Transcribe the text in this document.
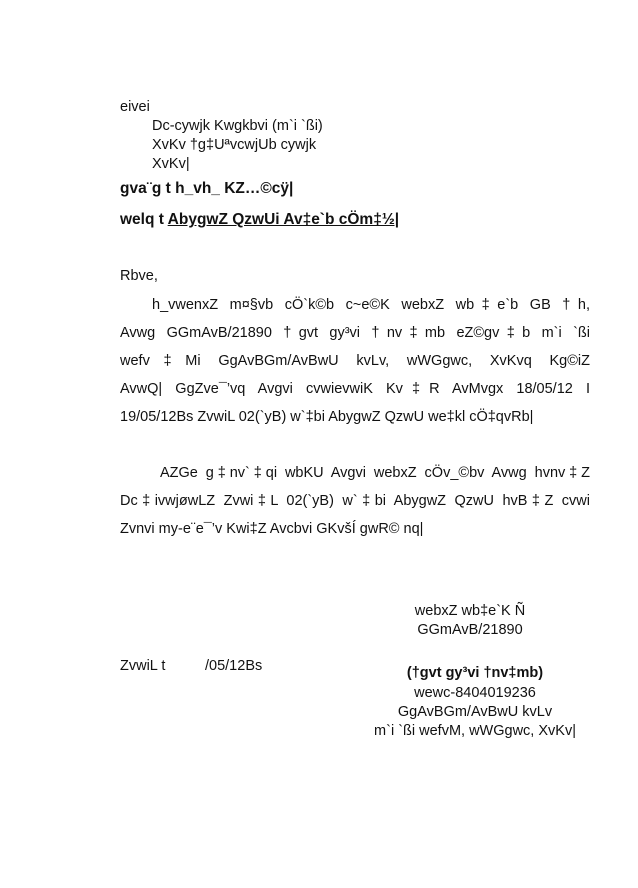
eivei
Dc-cywjk Kwgkbvi (m`i `ßi)
XvKv †g‡UªvcwjUb cywjk
XvKv|
gva¨g t h_vh_ KZ…©cÿ|
welq t AbygwZ QzwUi Av‡e`b cÖm‡½|
Rbve,
h_vwenxZ m¤§vb cÖ`k©b c~e©K webxZ wb‡e`b GB †h,
Avwg GGmAvB/21890 †gvt gy³vi †nv‡mb eZ©gv‡b m`i `ßi
wefv‡Mi GgAvBGm/AvBwU kvLv, wWGgwc, XvKvq Kg©iZ
AvwQ| GgZve¯’vq Avgvi cvwievwiK Kv‡R AvMvgx 18/05/12 I
19/05/12Bs ZvwiL 02(`yB) w`‡bi AbygwZ QzwU we‡kl cÖ‡qvRb|
AZGe g‡nv`‡qi wbKU Avgvi webxZ cÖv_©bv Avwg hvnv‡Z
Dc‡ivwjøwLZ Zvwi‡L 02(`yB) w`‡bi AbygwZ QzwU hvB‡Z cvwi
Zvnvi my-e¨e¯’v Kwi‡Z Avcbvi GKvšÍ gwR© nq|
webxZ wb‡e`K Ñ
GGmAvB/21890
ZvwiL t	/05/12Bs	(†gvt gy³vi †nv‡mb)
wewc-8404019236
GgAvBGm/AvBwU kvLv
m`i `ßi wefvM, wWGgwc, XvKv|
